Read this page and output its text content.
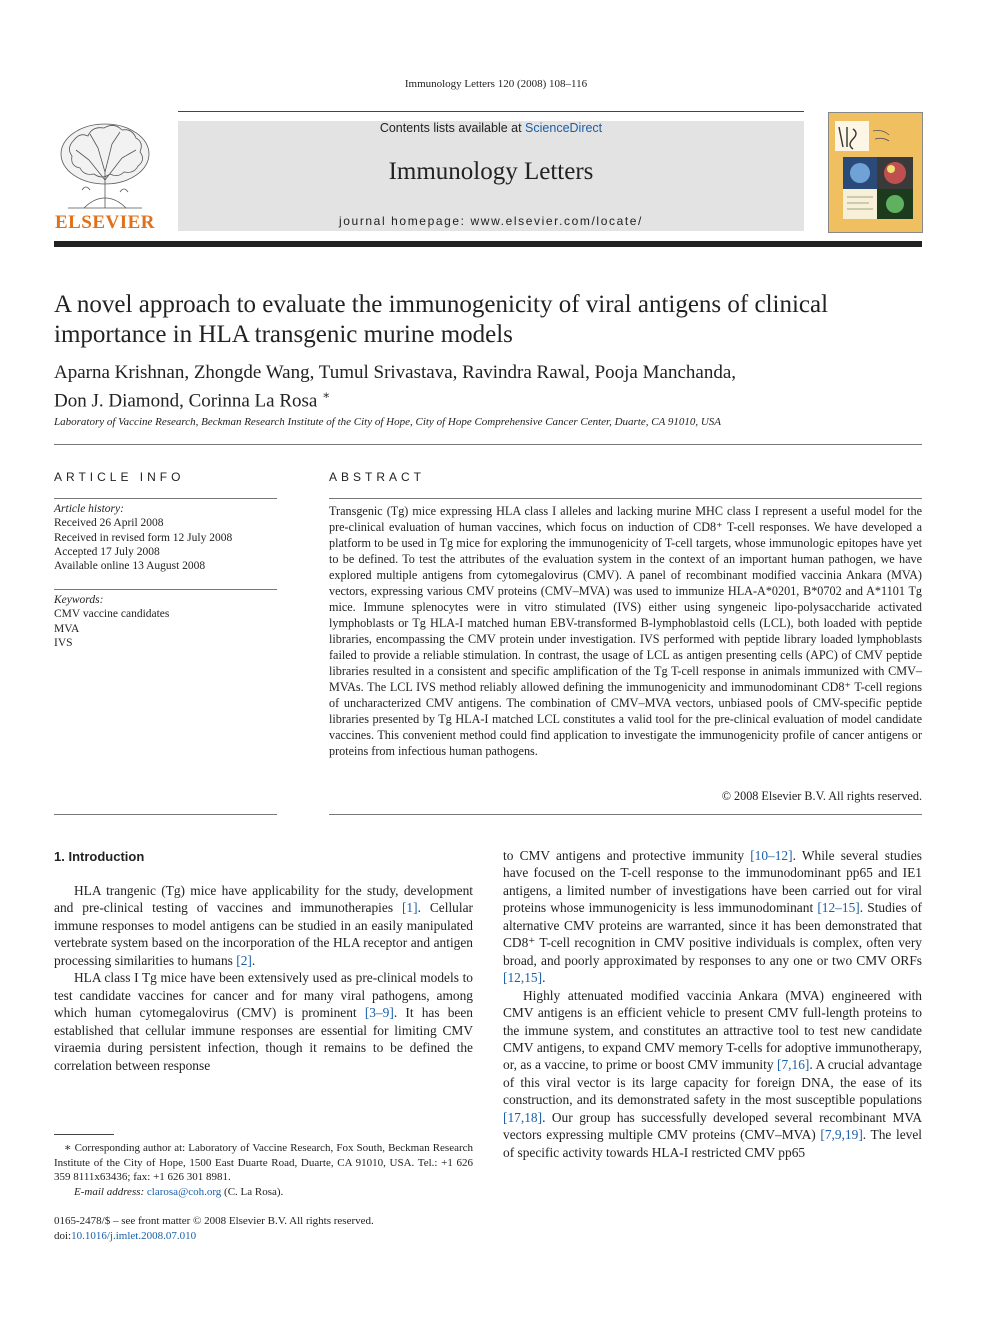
Immunology Letters 120 (2008) 108–116
ELSEVIER
Contents lists available at ScienceDirect
Immunology Letters
journal homepage: www.elsevier.com/locate/
A novel approach to evaluate the immunogenicity of viral antigens of clinical importance in HLA transgenic murine models
Aparna Krishnan, Zhongde Wang, Tumul Srivastava, Ravindra Rawal, Pooja Manchanda,
Don J. Diamond, Corinna La Rosa ∗
Laboratory of Vaccine Research, Beckman Research Institute of the City of Hope, City of Hope Comprehensive Cancer Center, Duarte, CA 91010, USA
ARTICLE INFO
Article history:
Received 26 April 2008
Received in revised form 12 July 2008
Accepted 17 July 2008
Available online 13 August 2008
Keywords:
CMV vaccine candidates
MVA
IVS
ABSTRACT
Transgenic (Tg) mice expressing HLA class I alleles and lacking murine MHC class I represent a useful model for the pre-clinical evaluation of human vaccines, which focus on induction of CD8⁺ T-cell responses. We have developed a platform to be used in Tg mice for exploring the immunogenicity of T-cell targets, whose immunologic epitopes have yet to be defined. To test the attributes of the evaluation system in the context of an important human pathogen, we have explored multiple antigens from cytomegalovirus (CMV). A panel of recombinant modified vaccinia Ankara (MVA) vectors, expressing various CMV proteins (CMV–MVA) was used to immunize HLA-A*0201, B*0702 and A*1101 Tg mice. Immune splenocytes were in vitro stimulated (IVS) either using syngeneic lipo-polysaccharide activated lymphoblasts or Tg HLA-I matched human EBV-transformed B-lymphoblastoid cells (LCL), both loaded with peptide libraries, encompassing the CMV protein under investigation. IVS performed with peptide library loaded lymphoblasts failed to provide a reliable stimulation. In contrast, the usage of LCL as antigen presenting cells (APC) of CMV peptide libraries resulted in a consistent and specific amplification of the Tg T-cell response in animals immunized with CMV–MVAs. The LCL IVS method reliably allowed defining the immunogenicity and immunodominant CD8⁺ T-cell regions of uncharacterized CMV antigens. The combination of CMV–MVA vectors, unbiased pools of CMV-specific peptide libraries presented by Tg HLA-I matched LCL constitutes a valid tool for the pre-clinical evaluation of model candidate vaccines. This convenient method could find application to investigate the immunogenicity profile of cancer antigens or proteins from infectious human pathogens.
© 2008 Elsevier B.V. All rights reserved.
1. Introduction

HLA trangenic (Tg) mice have applicability for the study, development and pre-clinical testing of vaccines and immunotherapies [1]. Cellular immune responses to model antigens can be studied in an easily manipulated vertebrate system based on the incorporation of the HLA receptor and antigen processing similarities to humans [2].

HLA class I Tg mice have been extensively used as pre-clinical models to test candidate vaccines for cancer and for many viral pathogens, among which human cytomegalovirus (CMV) is prominent [3–9]. It has been established that cellular immune responses are essential for limiting CMV viraemia during persistent infection, though it remains to be defined the correlation between response

to CMV antigens and protective immunity [10–12]. While several studies have focused on the T-cell response to the immunodominant pp65 and IE1 antigens, a limited number of investigations have been carried out for viral proteins whose immunogenicity is less immunodominant [12–15]. Studies of alternative CMV proteins are warranted, since it has been demonstrated that CD8⁺ T-cell recognition in CMV positive individuals is complex, often very broad, and poorly approximated by responses to any one or two CMV ORFs [12,15].

Highly attenuated modified vaccinia Ankara (MVA) engineered with CMV antigens is an efficient vehicle to present CMV full-length proteins to the immune system, and constitutes an attractive tool to test new candidate CMV antigens, to expand CMV memory T-cells for adoptive immunotherapy, or, as a vaccine, to prime or boost CMV immunity [7,16]. A crucial advantage of this viral vector is its large capacity for foreign DNA, the ease of its construction, and its demonstrated safety in the most susceptible populations [17,18]. Our group has successfully developed several recombinant MVA vectors expressing multiple CMV proteins (CMV–MVA) [7,9,19]. The level of specific activity towards HLA-I restricted CMV pp65

∗ Corresponding author at: Laboratory of Vaccine Research, Fox South, Beckman Research Institute of the City of Hope, 1500 East Duarte Road, Duarte, CA 91010, USA. Tel.: +1 626 359 8111x63436; fax: +1 626 301 8981.
E-mail address: clarosa@coh.org (C. La Rosa).
0165-2478/$ – see front matter © 2008 Elsevier B.V. All rights reserved.
doi:10.1016/j.imlet.2008.07.010
